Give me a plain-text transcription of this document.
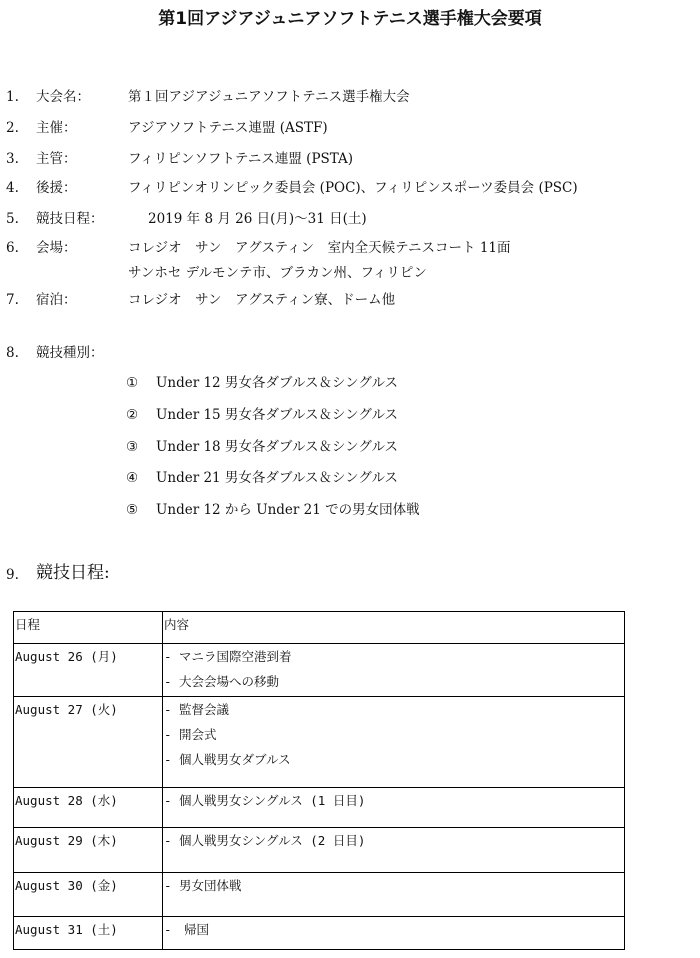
第1回アジアジュニアソフトテニス選手権大会要項
1. 大会名：	第１回アジアジュニアソフトテニス選手権大会
2. 主催：	アジアソフトテニス連盟 (ASTF)
3. 主管：	フィリピンソフトテニス連盟 (PSTA)
4. 後援：	フィリピンオリンピック委員会 (POC)、フィリピンスポーツ委員会 (PSC)
5. 競技日程：	2019 年 8 月 26 日(月)～31 日(土)
6. 会場：	コレジオ　サン　アグスティン　室内全天候テニスコート 11面
サンホセ デルモンテ市、ブラカン州、フィリピン
7. 宿泊：	コレジオ　サン　アグスティン寮、ドーム他
8. 競技種別：
① Under 12 男女各ダブルス＆シングルス
② Under 15 男女各ダブルス＆シングルス
③ Under 18 男女各ダブルス＆シングルス
④ Under 21 男女各ダブルス＆シングルス
⑤ Under 12 から Under 21 での男女団体戦
9. 競技日程:
日程	内容

August 26 (月)	- マニラ国際空港到着
- 大会会場への移動

August 27 (火)	- 監督会議
- 開会式
- 個人戦男女ダブルス

August 28 (水)	- 個人戦男女シングルス (1 日目)

August 29 (木)	- 個人戦男女シングルス (2 日目)

August 30 (金)	- 男女団体戦

August 31 (土)	-　帰国
